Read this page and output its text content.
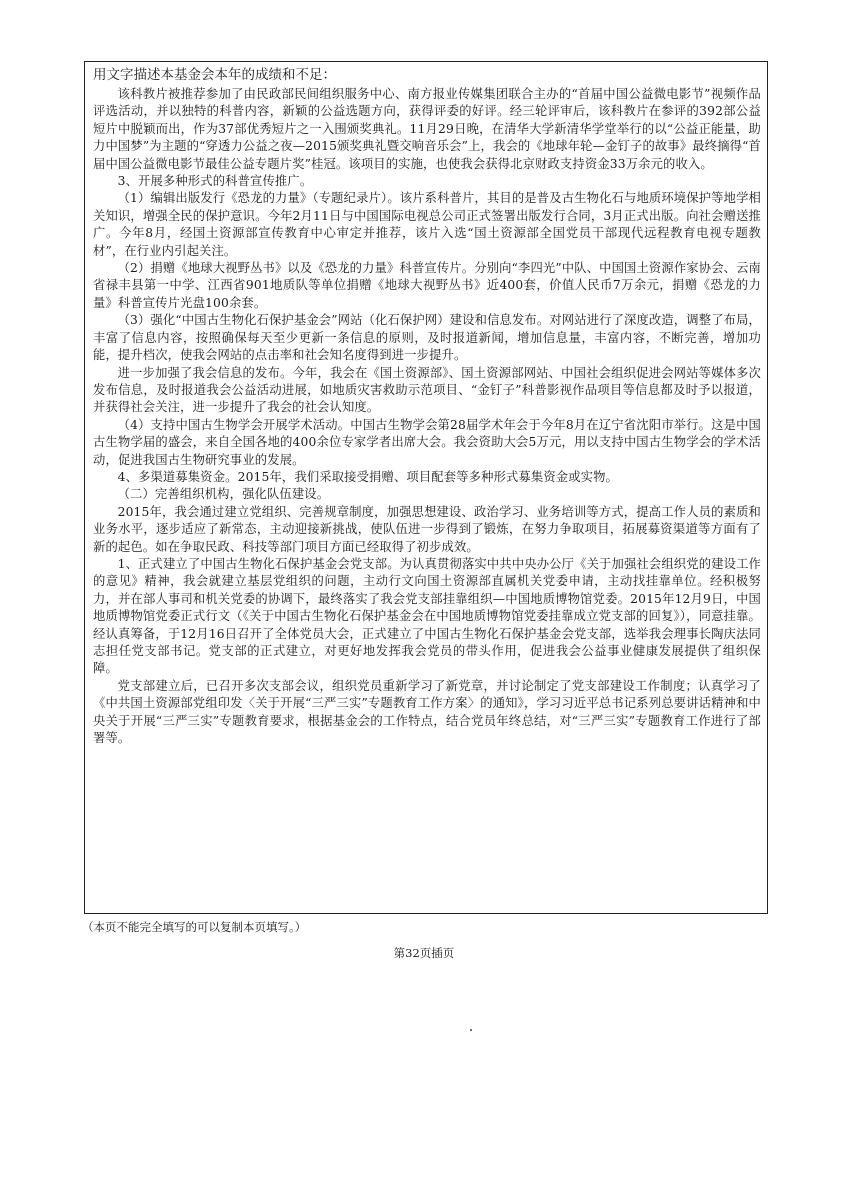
用文字描述本基金会本年的成绩和不足：

该科教片被推荐参加了由民政部民间组织服务中心、南方报业传媒集团联合主办的“首届中国公益微电影节”视频作品评选活动，并以独特的科普内容，新颖的公益选题方向，获得评委的好评。经三轮评审后，该科教片在参评的392部公益短片中脱颖而出，作为37部优秀短片之一入围颁奖典礼。11月29日晚，在清华大学新清华学堂举行的以“公益正能量，助力中国梦”为主题的“穿透力公益之夜—2015颁奖典礼暨交响音乐会”上，我会的《地球年轮—金钉子的故事》最终摘得“首届中国公益微电影节最佳公益专题片奖”桂冠。该项目的实施，也使我会获得北京财政支持资金33万余元的收入。

3、开展多种形式的科普宣传推广。

（1）编辑出版发行《恐龙的力量》（专题纪录片）。该片系科普片，其目的是普及古生物化石与地质环境保护等地学相关知识，增强全民的保护意识。今年2月11日与中国国际电视总公司正式签署出版发行合同，3月正式出版。向社会赠送推广。今年8月，经国土资源部宣传教育中心审定并推荐，该片入选“国土资源部全国党员干部现代远程教育电视专题教材”，在行业内引起关注。

（2）捐赠《地球大视野丛书》以及《恐龙的力量》科普宣传片。分别向“李四光”中队、中国国土资源作家协会、云南省禄丰县第一中学、江西省901地质队等单位捐赠《地球大视野丛书》近400套，价值人民币7万余元，捐赠《恐龙的力量》科普宣传片光盘100余套。

（3）强化“中国古生物化石保护基金会”网站（化石保护网）建设和信息发布。对网站进行了深度改造，调整了布局，丰富了信息内容，按照确保每天至少更新一条信息的原则，及时报道新闻，增加信息量，丰富内容，不断完善，增加功能，提升档次，使我会网站的点击率和社会知名度得到进一步提升。

进一步加强了我会信息的发布。今年，我会在《国土资源部》、国土资源部网站、中国社会组织促进会网站等媒体多次发布信息，及时报道我会公益活动进展，如地质灾害救助示范项目、“金钉子”科普影视作品项目等信息都及时予以报道，并获得社会关注，进一步提升了我会的社会认知度。

（4）支持中国古生物学会开展学术活动。中国古生物学会第28届学术年会于今年8月在辽宁省沈阳市举行。这是中国古生物学届的盛会，来自全国各地的400余位专家学者出席大会。我会资助大会5万元，用以支持中国古生物学会的学术活动，促进我国古生物研究事业的发展。

4、多渠道募集资金。2015年，我们采取接受捐赠、项目配套等多种形式募集资金或实物。

（二）完善组织机构，强化队伍建设。

2015年，我会通过建立党组织、完善规章制度，加强思想建设、政治学习、业务培训等方式，提高工作人员的素质和业务水平，逐步适应了新常态，主动迎接新挑战，使队伍进一步得到了锻炼，在努力争取项目，拓展募资渠道等方面有了新的起色。如在争取民政、科技等部门项目方面已经取得了初步成效。

1、正式建立了中国古生物化石保护基金会党支部。为认真贯彻落实中共中央办公厅《关于加强社会组织党的建设工作的意见》精神，我会就建立基层党组织的问题，主动行文向国土资源部直属机关党委申请，主动找挂靠单位。经积极努力，并在部人事司和机关党委的协调下，最终落实了我会党支部挂靠组织—中国地质博物馆党委。2015年12月9日，中国地质博物馆党委正式行文（《关于中国古生物化石保护基金会在中国地质博物馆党委挂靠成立党支部的回复》），同意挂靠。经认真筹备，于12月16日召开了全体党员大会，正式建立了中国古生物化石保护基金会党支部，选举我会理事长陶庆法同志担任党支部书记。党支部的正式建立，对更好地发挥我会党员的带头作用，促进我会公益事业健康发展提供了组织保障。

党支部建立后，已召开多次支部会议，组织党员重新学习了新党章，并讨论制定了党支部建设工作制度；认真学习了《中共国土资源部党组印发〈关于开展“三严三实”专题教育工作方案〉的通知》，学习习近平总书记系列总要讲话精神和中央关于开展“三严三实”专题教育要求，根据基金会的工作特点，结合党员年终总结，对“三严三实”专题教育工作进行了部署等。

（本页不能完全填写的可以复制本页填写。）
第32页插页
